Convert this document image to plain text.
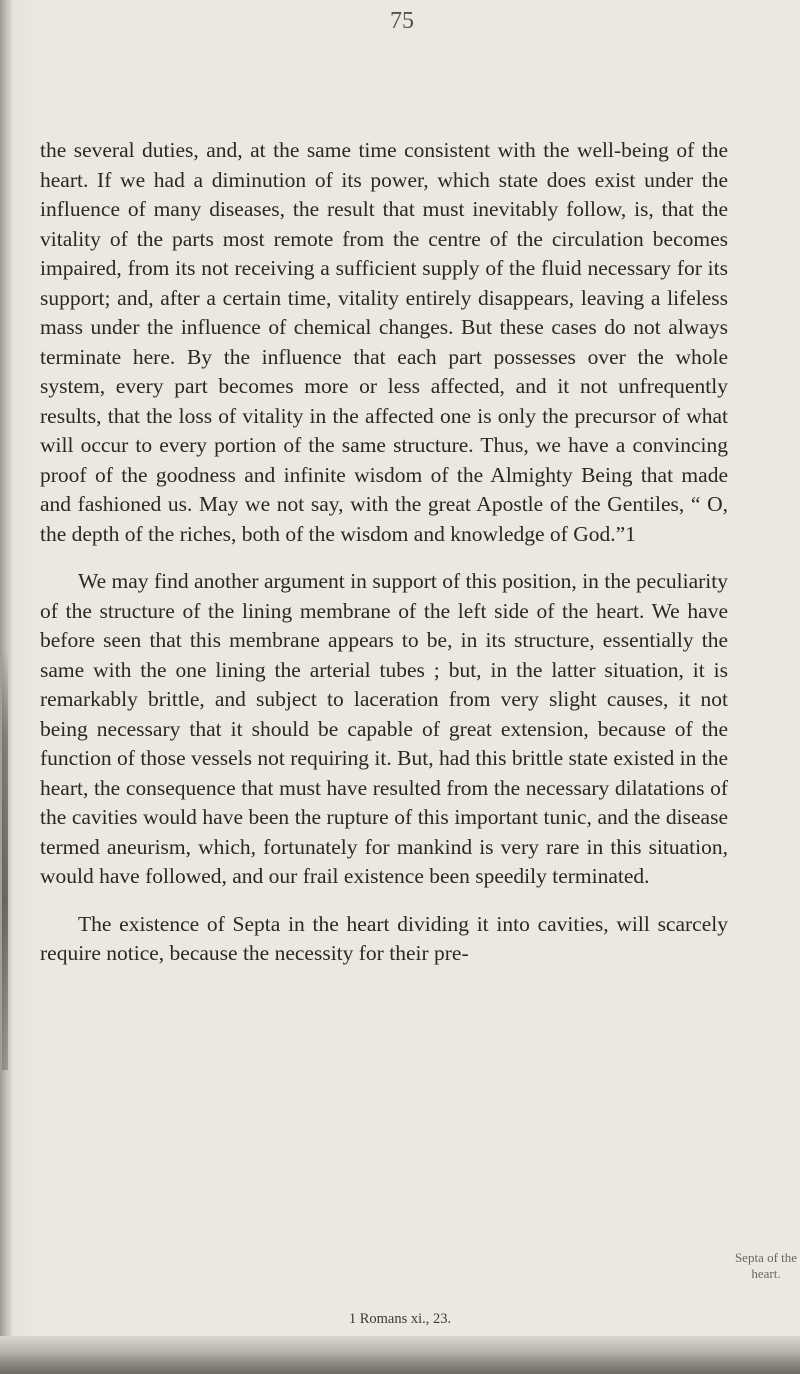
75

the several duties, and, at the same time consistent with the well-being of the heart. If we had a diminution of its power, which state does exist under the influence of many diseases, the result that must inevitably follow, is, that the vitality of the parts most remote from the centre of the circulation becomes impaired, from its not receiving a sufficient supply of the fluid necessary for its support; and, after a certain time, vitality entirely disappears, leaving a lifeless mass under the influence of chemical changes. But these cases do not always terminate here. By the influence that each part possesses over the whole system, every part becomes more or less affected, and it not unfrequently results, that the loss of vitality in the affected one is only the precursor of what will occur to every portion of the same structure. Thus, we have a convincing proof of the goodness and infinite wisdom of the Almighty Being that made and fashioned us. May we not say, with the great Apostle of the Gentiles, “ O, the depth of the riches, both of the wisdom and knowledge of God.”1

We may find another argument in support of this position, in the peculiarity of the structure of the lining membrane of the left side of the heart. We have before seen that this membrane appears to be, in its structure, essentially the same with the one lining the arterial tubes ; but, in the latter situation, it is remarkably brittle, and subject to laceration from very slight causes, it not being necessary that it should be capable of great extension, because of the function of those vessels not requiring it. But, had this brittle state existed in the heart, the consequence that must have resulted from the necessary dilatations of the cavities would have been the rupture of this important tunic, and the disease termed aneurism, which, fortunately for mankind is very rare in this situation, would have followed, and our frail existence been speedily terminated.

The existence of Septa in the heart dividing it into cavities, will scarcely require notice, because the necessity for their pre-

Septa of the heart.
1 Romans xi., 23.
